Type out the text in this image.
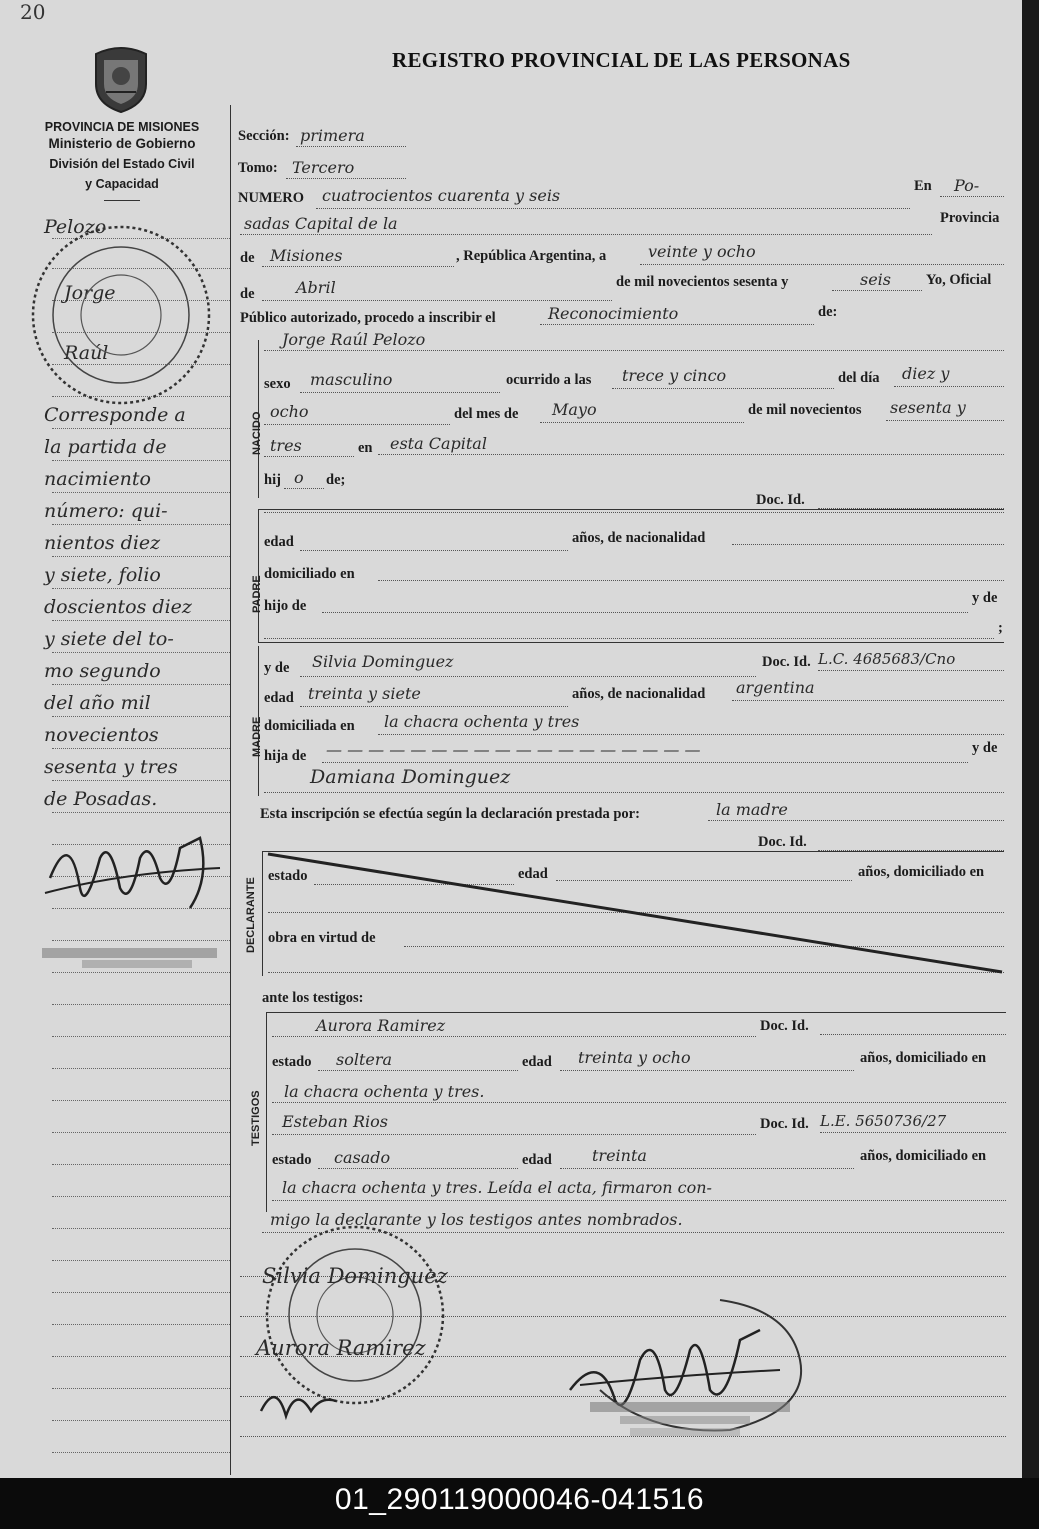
20
PROVINCIA DE MISIONES
Ministerio de Gobierno
División del Estado Civil
y Capacidad
REGISTRO PROVINCIAL DE LAS PERSONAS
Pelozo
Jorge
Raúl
Corresponde a
la partida de
nacimiento
número: qui-
nientos diez
y siete, folio
doscientos diez
y siete del to-
mo segundo
del año mil
novecientos
sesenta y tres
de Posadas.
Sección: primera
Tomo: Tercero
NUMERO cuatrocientos cuarenta y seis	En Po-
sadas Capital de la	Provincia
de Misiones	, República Argentina, a	veinte y ocho
de	Abril	de mil novecientos sesenta y	seis Yo, Oficial
Público autorizado, procedo a inscribir el	Reconocimiento	de:
NACIDO
Jorge Raúl Pelozo
sexo masculino	ocurrido a las trece y cinco	del día diez y
ocho	del mes de Mayo	de mil novecientos sesenta y
tres	en esta Capital
hij o de;
Doc. Id.
PADRE
edad	años, de nacionalidad
domiciliado en
hijo de	y de
;
MADRE
y de Silvia Dominguez	Doc. Id. L.C. 4685683/Cno
edad treinta y siete	años, de nacionalidad argentina
domiciliada en la chacra ochenta y tres
hija de — — — — — — — — — — — — — — — — — —	y de
Damiana Dominguez
Esta inscripción se efectúa según la declaración prestada por:	la madre
Doc. Id.
DECLARANTE
estado	edad	años, domiciliado en
obra en virtud de
ante los testigos:
TESTIGOS
Aurora Ramirez	Doc. Id.
estado soltera	edad treinta y ocho	años, domiciliado en
la chacra ochenta y tres.
Esteban Rios	Doc. Id. L.E. 5650736/27
estado casado	edad	treinta	años, domiciliado en
la chacra ochenta y tres. Leída el acta, firmaron con-
migo la declarante y los testigos antes nombrados.
Silvia Dominguez
Aurora Ramirez
01_290119000046-041516
